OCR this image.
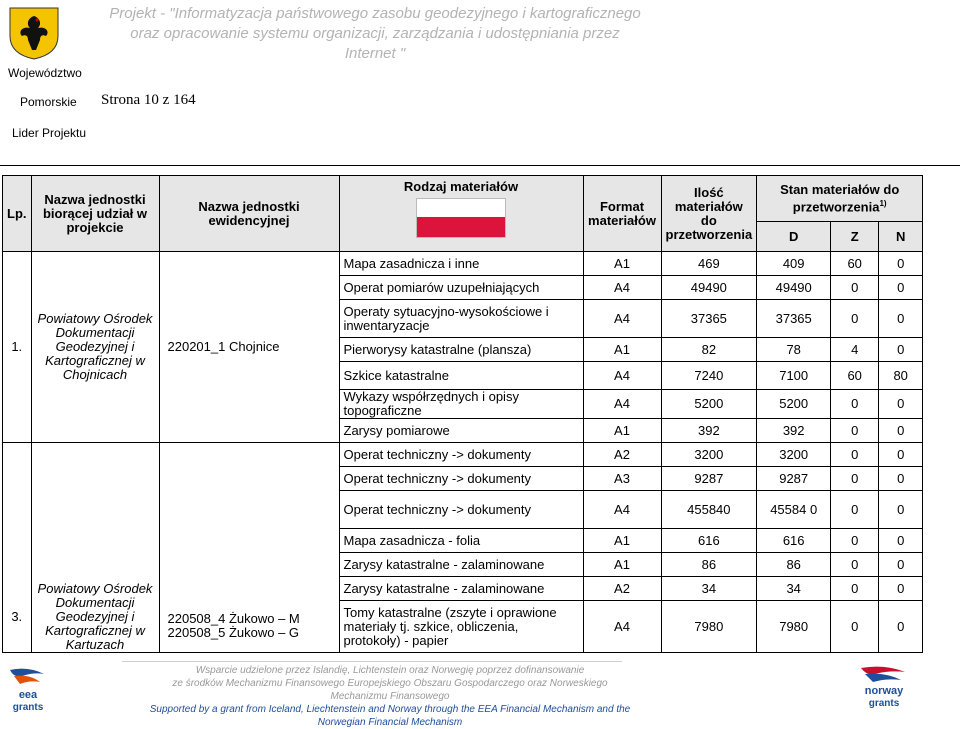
Projekt - "Informatyzacja państwowego zasobu geodezyjnego i kartograficznego
oraz opracowanie systemu organizacji, zarządzania i udostępniania przez
Internet "
Województwo
Pomorskie Strona 10 z 164
Lider Projektu
Lp.	Nazwa jednostki biorącej udział w projekcie	Nazwa jednostki ewidencyjnej	Rodzaj materiałów	Format materiałów	Ilość materiałów do przetworzenia	Stan materiałów do przetworzenia$^{1)}$
						D	Z	N
1.	Powiatowy Ośrodek Dokumentacji Geodezyjnej i Kartograficznej w Chojnicach	220201_1 Chojnice	Mapa zasadnicza i inne	A1	469	409	60	0
			Operat pomiarów uzupełniających	A4	49490	49490	0	0
			Operaty sytuacyjno-wysokościowe i inwentaryzacje	A4	37365	37365	0	0
			Pierworysy katastralne (plansza)	A1	82	78	4	0
			Szkice katastralne	A4	7240	7100	60	80
			Wykazy współrzędnych i opisy topograficzne	A4	5200	5200	0	0
			Zarysy pomiarowe	A1	392	392	0	0
3.	Powiatowy Ośrodek Dokumentacji Geodezyjnej i Kartograficznej w Kartuzach	220508_4 Żukowo – M 220508_5 Żukowo – G	Operat techniczny -> dokumenty	A2	3200	3200	0	0
			Operat techniczny -> dokumenty	A3	9287	9287	0	0
			Operat techniczny -> dokumenty	A4	455840	45584 0	0	0
			Mapa zasadnicza - folia	A1	616	616	0	0
			Zarysy katastralne - zalaminowane	A1	86	86	0	0
			Zarysy katastralne - zalaminowane	A2	34	34	0	0
			Tomy katastralne (zszyte i oprawione materiały tj. szkice, obliczenia, protokoły) - papier	A4	7980	7980	0	0
eea
grants
Wsparcie udzielone przez Islandię, Lichtenstein oraz Norwegię poprzez dofinansowanie
ze środków Mechanizmu Finansowego Europejskiego Obszaru Gospodarczego oraz Norweskiego
Mechanizmu Finansowego
Supported by a grant from Iceland, Liechtenstein and Norway through the EEA Financial Mechanism and the
Norwegian Financial Mechanism
norway
grants
